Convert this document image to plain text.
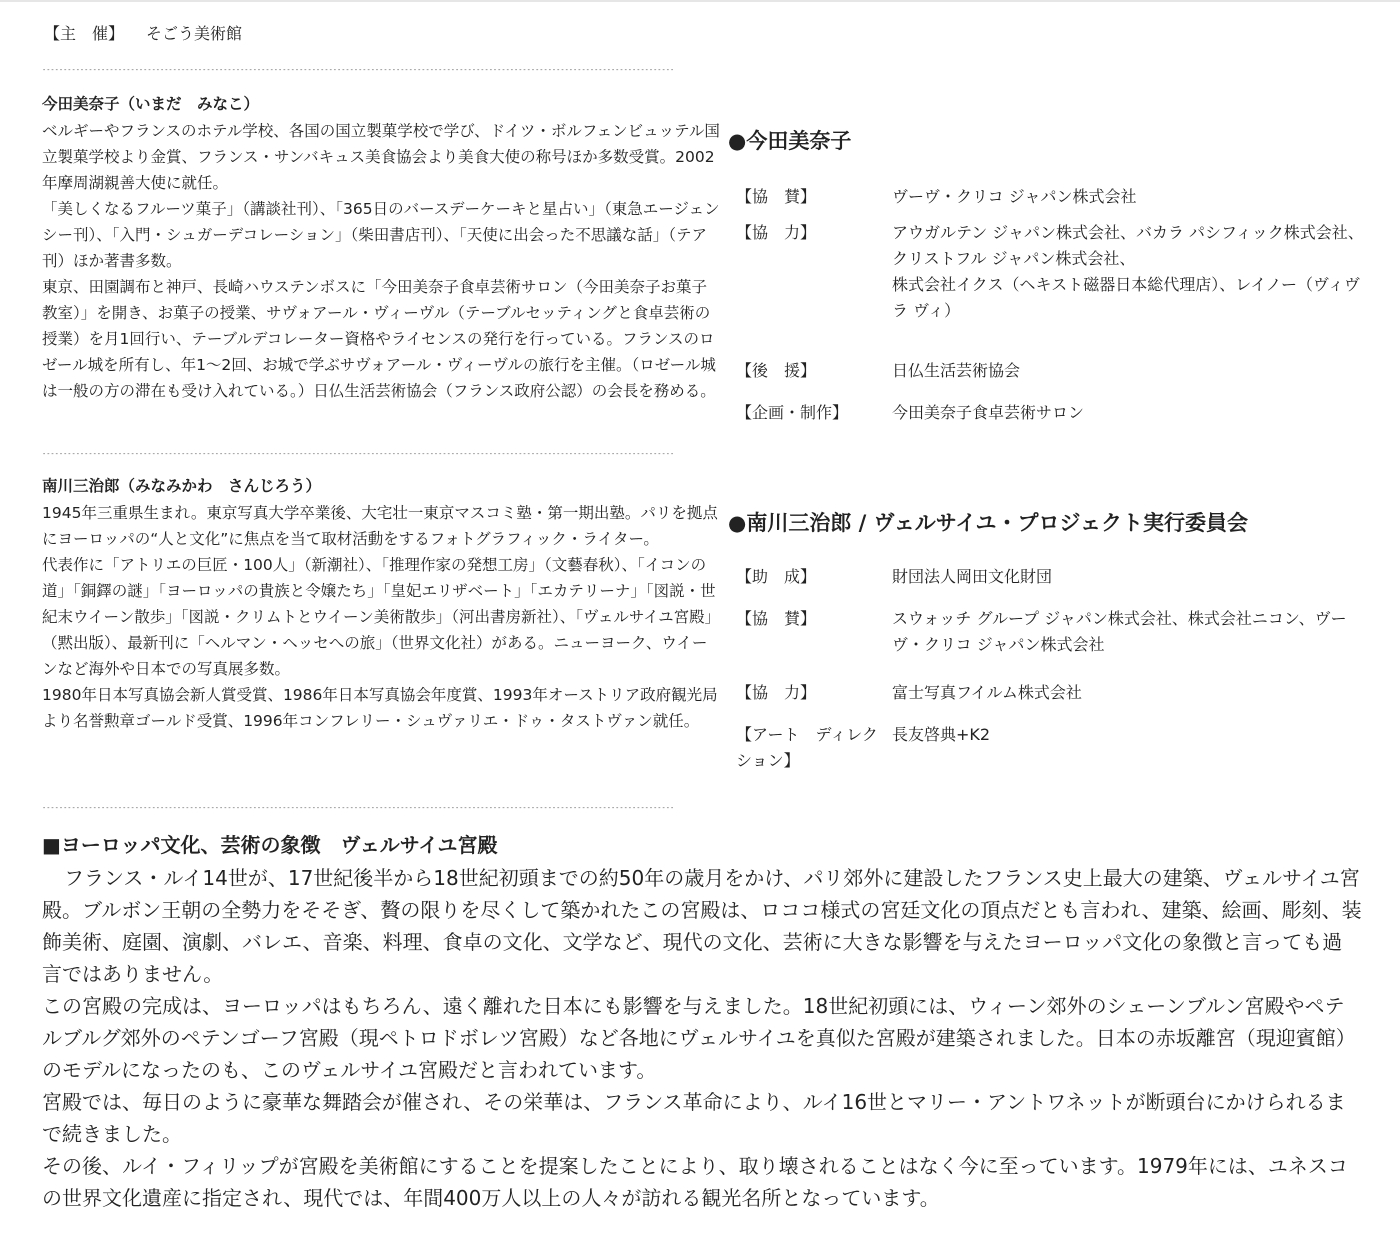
【主　催】 そごう美術館
------------------------------------------------------------------------------------------------------------------------------------------------------
今田美奈子（いまだ　みなこ）

ベルギーやフランスのホテル学校、各国の国立製菓学校で学び、ドイツ・ボルフェンビュッテル国立製菓学校より金賞、フランス・サンバキュス美食協会より美食大使の称号ほか多数受賞。2002年摩周湖親善大使に就任。

「美しくなるフルーツ菓子」（講談社刊）、「365日のバースデーケーキと星占い」（東急エージェンシー刊）、「入門・シュガーデコレーション」（柴田書店刊）、「天使に出会った不思議な話」（テア刊）ほか著書多数。

東京、田園調布と神戸、長崎ハウステンボスに「今田美奈子食卓芸術サロン（今田美奈子お菓子教室）」を開き、お菓子の授業、サヴォアール・ヴィーヴル（テーブルセッティングと食卓芸術の授業）を月1回行い、テーブルデコレーター資格やライセンスの発行を行っている。フランスのロゼール城を所有し、年1〜2回、お城で学ぶサヴォアール・ヴィーヴルの旅行を主催。（ロゼール城は一般の方の滞在も受け入れている。）日仏生活芸術協会（フランス政府公認）の会長を務める。

------------------------------------------------------------------------------------------------------------------------------------------------------
南川三治郎（みなみかわ　さんじろう）

1945年三重県生まれ。東京写真大学卒業後、大宅壮一東京マスコミ塾・第一期出塾。パリを拠点にヨーロッパの“人と文化”に焦点を当て取材活動をするフォトグラフィック・ライター。

代表作に「アトリエの巨匠・100人」（新潮社）、「推理作家の発想工房」（文藝春秋）、「イコンの道」「銅鐸の謎」「ヨーロッパの貴族と令嬢たち」「皇妃エリザベート」「エカテリーナ」「図説・世紀末ウイーン散歩」「図説・クリムトとウイーン美術散歩」（河出書房新社）、「ヴェルサイユ宮殿」（黙出版）、最新刊に「ヘルマン・ヘッセへの旅」（世界文化社）がある。ニューヨーク、ウイーンなど海外や日本での写真展多数。

1980年日本写真協会新人賞受賞、1986年日本写真協会年度賞、1993年オーストリア政府観光局より名誉勲章ゴールド受賞、1996年コンフレリー・シュヴァリエ・ドゥ・タストヴァン就任。

------------------------------------------------------------------------------------------------------------------------------------------------------
●今田美奈子
【協　賛】	ヴーヴ・クリコ ジャパン株式会社
【協　力】	アウガルテン ジャパン株式会社、バカラ パシフィック株式会社、クリストフル ジャパン株式会社、
株式会社イクス（ヘキスト磁器日本総代理店）、レイノー（ヴィヴ ラ ヴィ）
【後　援】	日仏生活芸術協会
【企画・制作】	今田美奈子食卓芸術サロン
●南川三治郎 / ヴェルサイユ・プロジェクト実行委員会
【助　成】	財団法人岡田文化財団
【協　賛】	スウォッチ グループ ジャパン株式会社、株式会社ニコン、ヴーヴ・クリコ ジャパン株式会社
【協　力】	富士写真フイルム株式会社
【アート　ディレクション】
長友啓典+K2
■ヨーロッパ文化、芸術の象徴　ヴェルサイユ宮殿

フランス・ルイ14世が、17世紀後半から18世紀初頭までの約50年の歳月をかけ、パリ郊外に建設したフランス史上最大の建築、ヴェルサイユ宮殿。ブルボン王朝の全勢力をそそぎ、贅の限りを尽くして築かれたこの宮殿は、ロココ様式の宮廷文化の頂点だとも言われ、建築、絵画、彫刻、装飾美術、庭園、演劇、バレエ、音楽、料理、食卓の文化、文学など、現代の文化、芸術に大きな影響を与えたヨーロッパ文化の象徴と言っても過言ではありません。

この宮殿の完成は、ヨーロッパはもちろん、遠く離れた日本にも影響を与えました。18世紀初頭には、ウィーン郊外のシェーンブルン宮殿やペテルブルグ郊外のペテンゴーフ宮殿（現ペトロドボレツ宮殿）など各地にヴェルサイユを真似た宮殿が建築されました。日本の赤坂離宮（現迎賓館）のモデルになったのも、このヴェルサイユ宮殿だと言われています。

宮殿では、毎日のように豪華な舞踏会が催され、その栄華は、フランス革命により、ルイ16世とマリー・アントワネットが断頭台にかけられるまで続きました。

その後、ルイ・フィリップが宮殿を美術館にすることを提案したことにより、取り壊されることはなく今に至っています。1979年には、ユネスコの世界文化遺産に指定され、現代では、年間400万人以上の人々が訪れる観光名所となっています。
